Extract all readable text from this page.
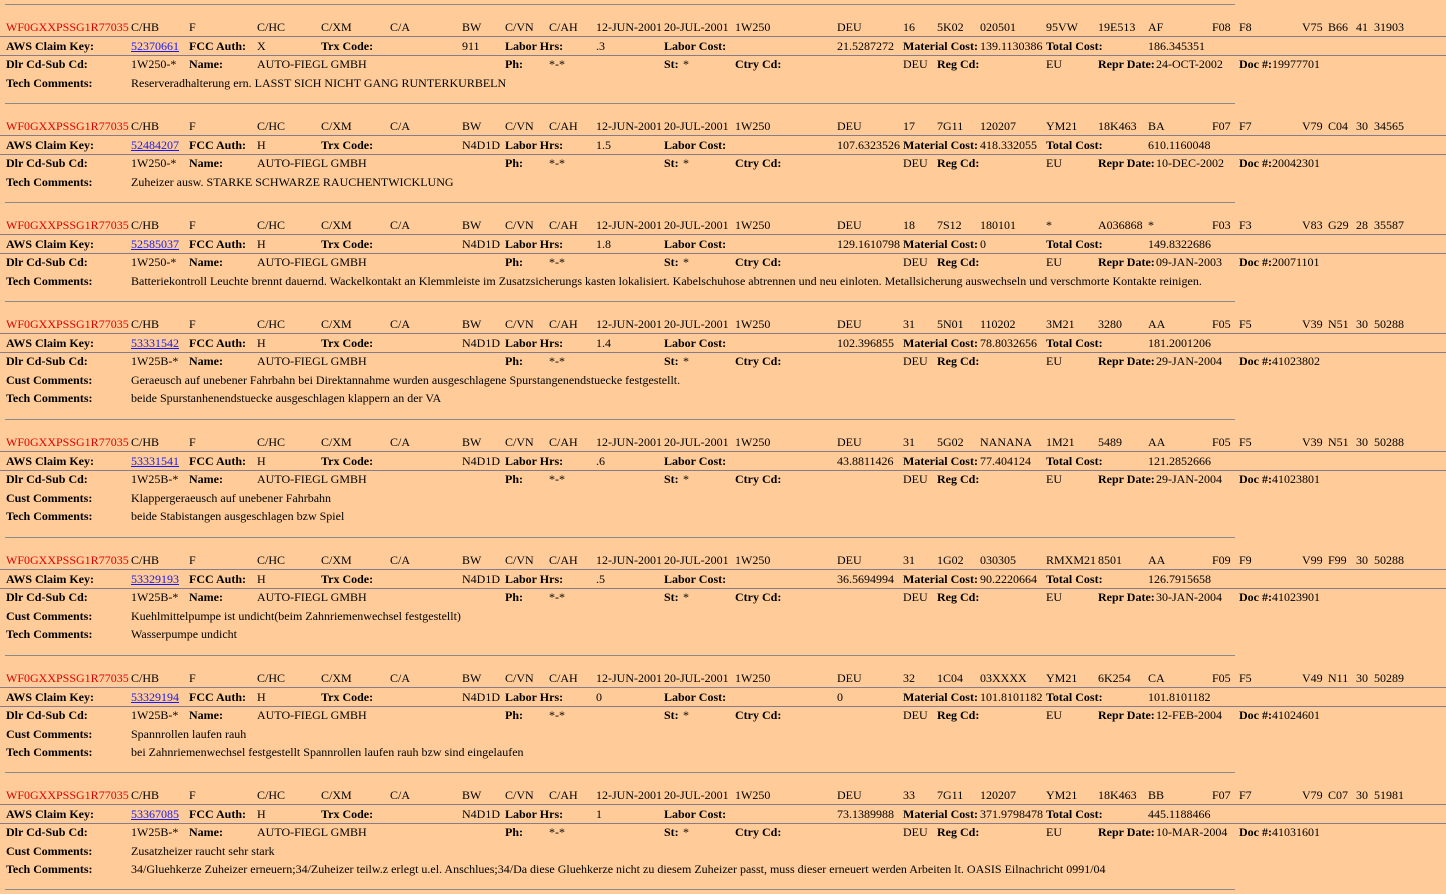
WF0GXXPSSG1R77035 C/HB F	C/HC	C/XM	C/A	BW C/VN C/AH 12-JUN-2001 20-JUL-2001 1W250	DEU	16 5K02 020501	95VW 19E513 AF	F08 F8	V75 B66 41 31903
AWS Claim Key:	52370661 FCC Auth: X	Trx Code:	911 Labor Hrs:	.3	Labor Cost:	21.5287272 Material Cost: 139.1130386 Total Cost:	186.345351
Dlr Cd-Sub Cd:	1W250-* Name:	AUTO-FIEGL GMBH	Ph: *-*	St: *	Ctry Cd:	DEU Reg Cd:	EU	Repr Date: 24-OCT-2002 Doc #: 19977701
Tech Comments:	Reserveradhalterung ern. LASST SICH NICHT GANG RUNTERKURBELN
WF0GXXPSSG1R77035 C/HB F	C/HC	C/XM	C/A	BW C/VN C/AH 12-JUN-2001 20-JUL-2001 1W250	DEU	17 7G11 120207	YM21 18K463 BA	F07 F7	V79 C04 30 34565
AWS Claim Key:	52484207 FCC Auth: H	Trx Code:	N4D1D Labor Hrs:	1.5	Labor Cost:	107.6323526 Material Cost: 418.332055 Total Cost:	610.1160048
Dlr Cd-Sub Cd:	1W250-* Name:	AUTO-FIEGL GMBH	Ph: *-*	St: *	Ctry Cd:	DEU Reg Cd:	EU	Repr Date: 10-DEC-2002 Doc #: 20042301
Tech Comments:	Zuheizer ausw. STARKE SCHWARZE RAUCHENTWICKLUNG
WF0GXXPSSG1R77035 C/HB F	C/HC	C/XM	C/A	BW C/VN C/AH 12-JUN-2001 20-JUL-2001 1W250	DEU	18 7S12 180101	*	A036868 *	F03 F3	V83 G29 28 35587
AWS Claim Key:	52585037 FCC Auth: H	Trx Code:	N4D1D Labor Hrs:	1.8	Labor Cost:	129.1610798 Material Cost: 0	Total Cost:	149.8322686
Dlr Cd-Sub Cd:	1W250-* Name:	AUTO-FIEGL GMBH	Ph: *-*	St: *	Ctry Cd:	DEU Reg Cd:	EU	Repr Date: 09-JAN-2003 Doc #: 20071101
Tech Comments:	Batteriekontroll Leuchte brennt dauernd. Wackelkontakt an Klemmleiste im Zusatzsicherungs kasten lokalisiert. Kabelschuhose abtrennen und neu einloten. Metallsicherung auswechseln und verschmorte Kontakte reinigen.
WF0GXXPSSG1R77035 C/HB F	C/HC	C/XM	C/A	BW C/VN C/AH 12-JUN-2001 20-JUL-2001 1W250	DEU	31 5N01 110202	3M21 3280 AA	F05 F5	V39 N51 30 50288
AWS Claim Key:	53331542 FCC Auth: H	Trx Code:	N4D1D Labor Hrs:	1.4	Labor Cost:	102.396855 Material Cost: 78.8032656 Total Cost:	181.2001206
Dlr Cd-Sub Cd:	1W25B-* Name:	AUTO-FIEGL GMBH	Ph: *-*	St: *	Ctry Cd:	DEU Reg Cd:	EU	Repr Date: 29-JAN-2004 Doc #: 41023802
Cust Comments:	Geraeusch auf unebener Fahrbahn bei Direktannahme wurden ausgeschlagene Spurstangenendstuecke festgestellt.
Tech Comments:	beide Spurstanhenendstuecke ausgeschlagen klappern an der VA
WF0GXXPSSG1R77035 C/HB F	C/HC	C/XM	C/A	BW C/VN C/AH 12-JUN-2001 20-JUL-2001 1W250	DEU	31 5G02 NANANA 1M21 5489 AA	F05 F5	V39 N51 30 50288
AWS Claim Key:	53331541 FCC Auth: H	Trx Code:	N4D1D Labor Hrs:	.6	Labor Cost:	43.8811426 Material Cost: 77.404124 Total Cost:	121.2852666
Dlr Cd-Sub Cd:	1W25B-* Name:	AUTO-FIEGL GMBH	Ph: *-*	St: *	Ctry Cd:	DEU Reg Cd:	EU	Repr Date: 29-JAN-2004 Doc #: 41023801
Cust Comments:	Klappergeraeusch auf unebener Fahrbahn
Tech Comments:	beide Stabistangen ausgeschlagen bzw Spiel
WF0GXXPSSG1R77035 C/HB F	C/HC	C/XM	C/A	BW C/VN C/AH 12-JUN-2001 20-JUL-2001 1W250	DEU	31 1G02 030305	RMXM21 8501 AA	F09 F9	V99 F99 30 50288
AWS Claim Key:	53329193 FCC Auth: H	Trx Code:	N4D1D Labor Hrs:	.5	Labor Cost:	36.5694994 Material Cost: 90.2220664 Total Cost:	126.7915658
Dlr Cd-Sub Cd:	1W25B-* Name:	AUTO-FIEGL GMBH	Ph: *-*	St: *	Ctry Cd:	DEU Reg Cd:	EU	Repr Date: 30-JAN-2004 Doc #: 41023901
Cust Comments:	Kuehlmittelpumpe ist undicht(beim Zahnriemenwechsel festgestellt)
Tech Comments:	Wasserpumpe undicht
WF0GXXPSSG1R77035 C/HB F	C/HC	C/XM	C/A	BW C/VN C/AH 12-JUN-2001 20-JUL-2001 1W250	DEU	32 1C04 03XXXX YM21 6K254 CA	F05 F5	V49 N11 30 50289
AWS Claim Key:	53329194 FCC Auth: H	Trx Code:	N4D1D Labor Hrs:	0	Labor Cost:	0	Material Cost: 101.8101182 Total Cost:	101.8101182
Dlr Cd-Sub Cd:	1W25B-* Name:	AUTO-FIEGL GMBH	Ph: *-*	St: *	Ctry Cd:	DEU Reg Cd:	EU	Repr Date: 12-FEB-2004 Doc #: 41024601
Cust Comments:	Spannrollen laufen rauh
Tech Comments:	bei Zahnriemenwechsel festgestellt Spannrollen laufen rauh bzw sind eingelaufen
WF0GXXPSSG1R77035 C/HB F	C/HC	C/XM	C/A	BW C/VN C/AH 12-JUN-2001 20-JUL-2001 1W250	DEU	33 7G11 120207	YM21 18K463 BB	F07 F7	V79 C07 30 51981
AWS Claim Key:	53367085 FCC Auth: H	Trx Code:	N4D1D Labor Hrs:	1	Labor Cost:	73.1389988 Material Cost: 371.9798478 Total Cost:	445.1188466
Dlr Cd-Sub Cd:	1W25B-* Name:	AUTO-FIEGL GMBH	Ph: *-*	St: *	Ctry Cd:	DEU Reg Cd:	EU	Repr Date: 10-MAR-2004 Doc #: 41031601
Cust Comments:	Zusatzheizer raucht sehr stark
Tech Comments:	34/Gluehkerze Zuheizer erneuern;34/Zuheizer teilw.z erlegt u.el. Anschlues;34/Da diese Gluehkerze nicht zu diesem Zuheizer passt, muss dieser erneuert werden Arbeiten lt. OASIS Eilnachricht 0991/04
